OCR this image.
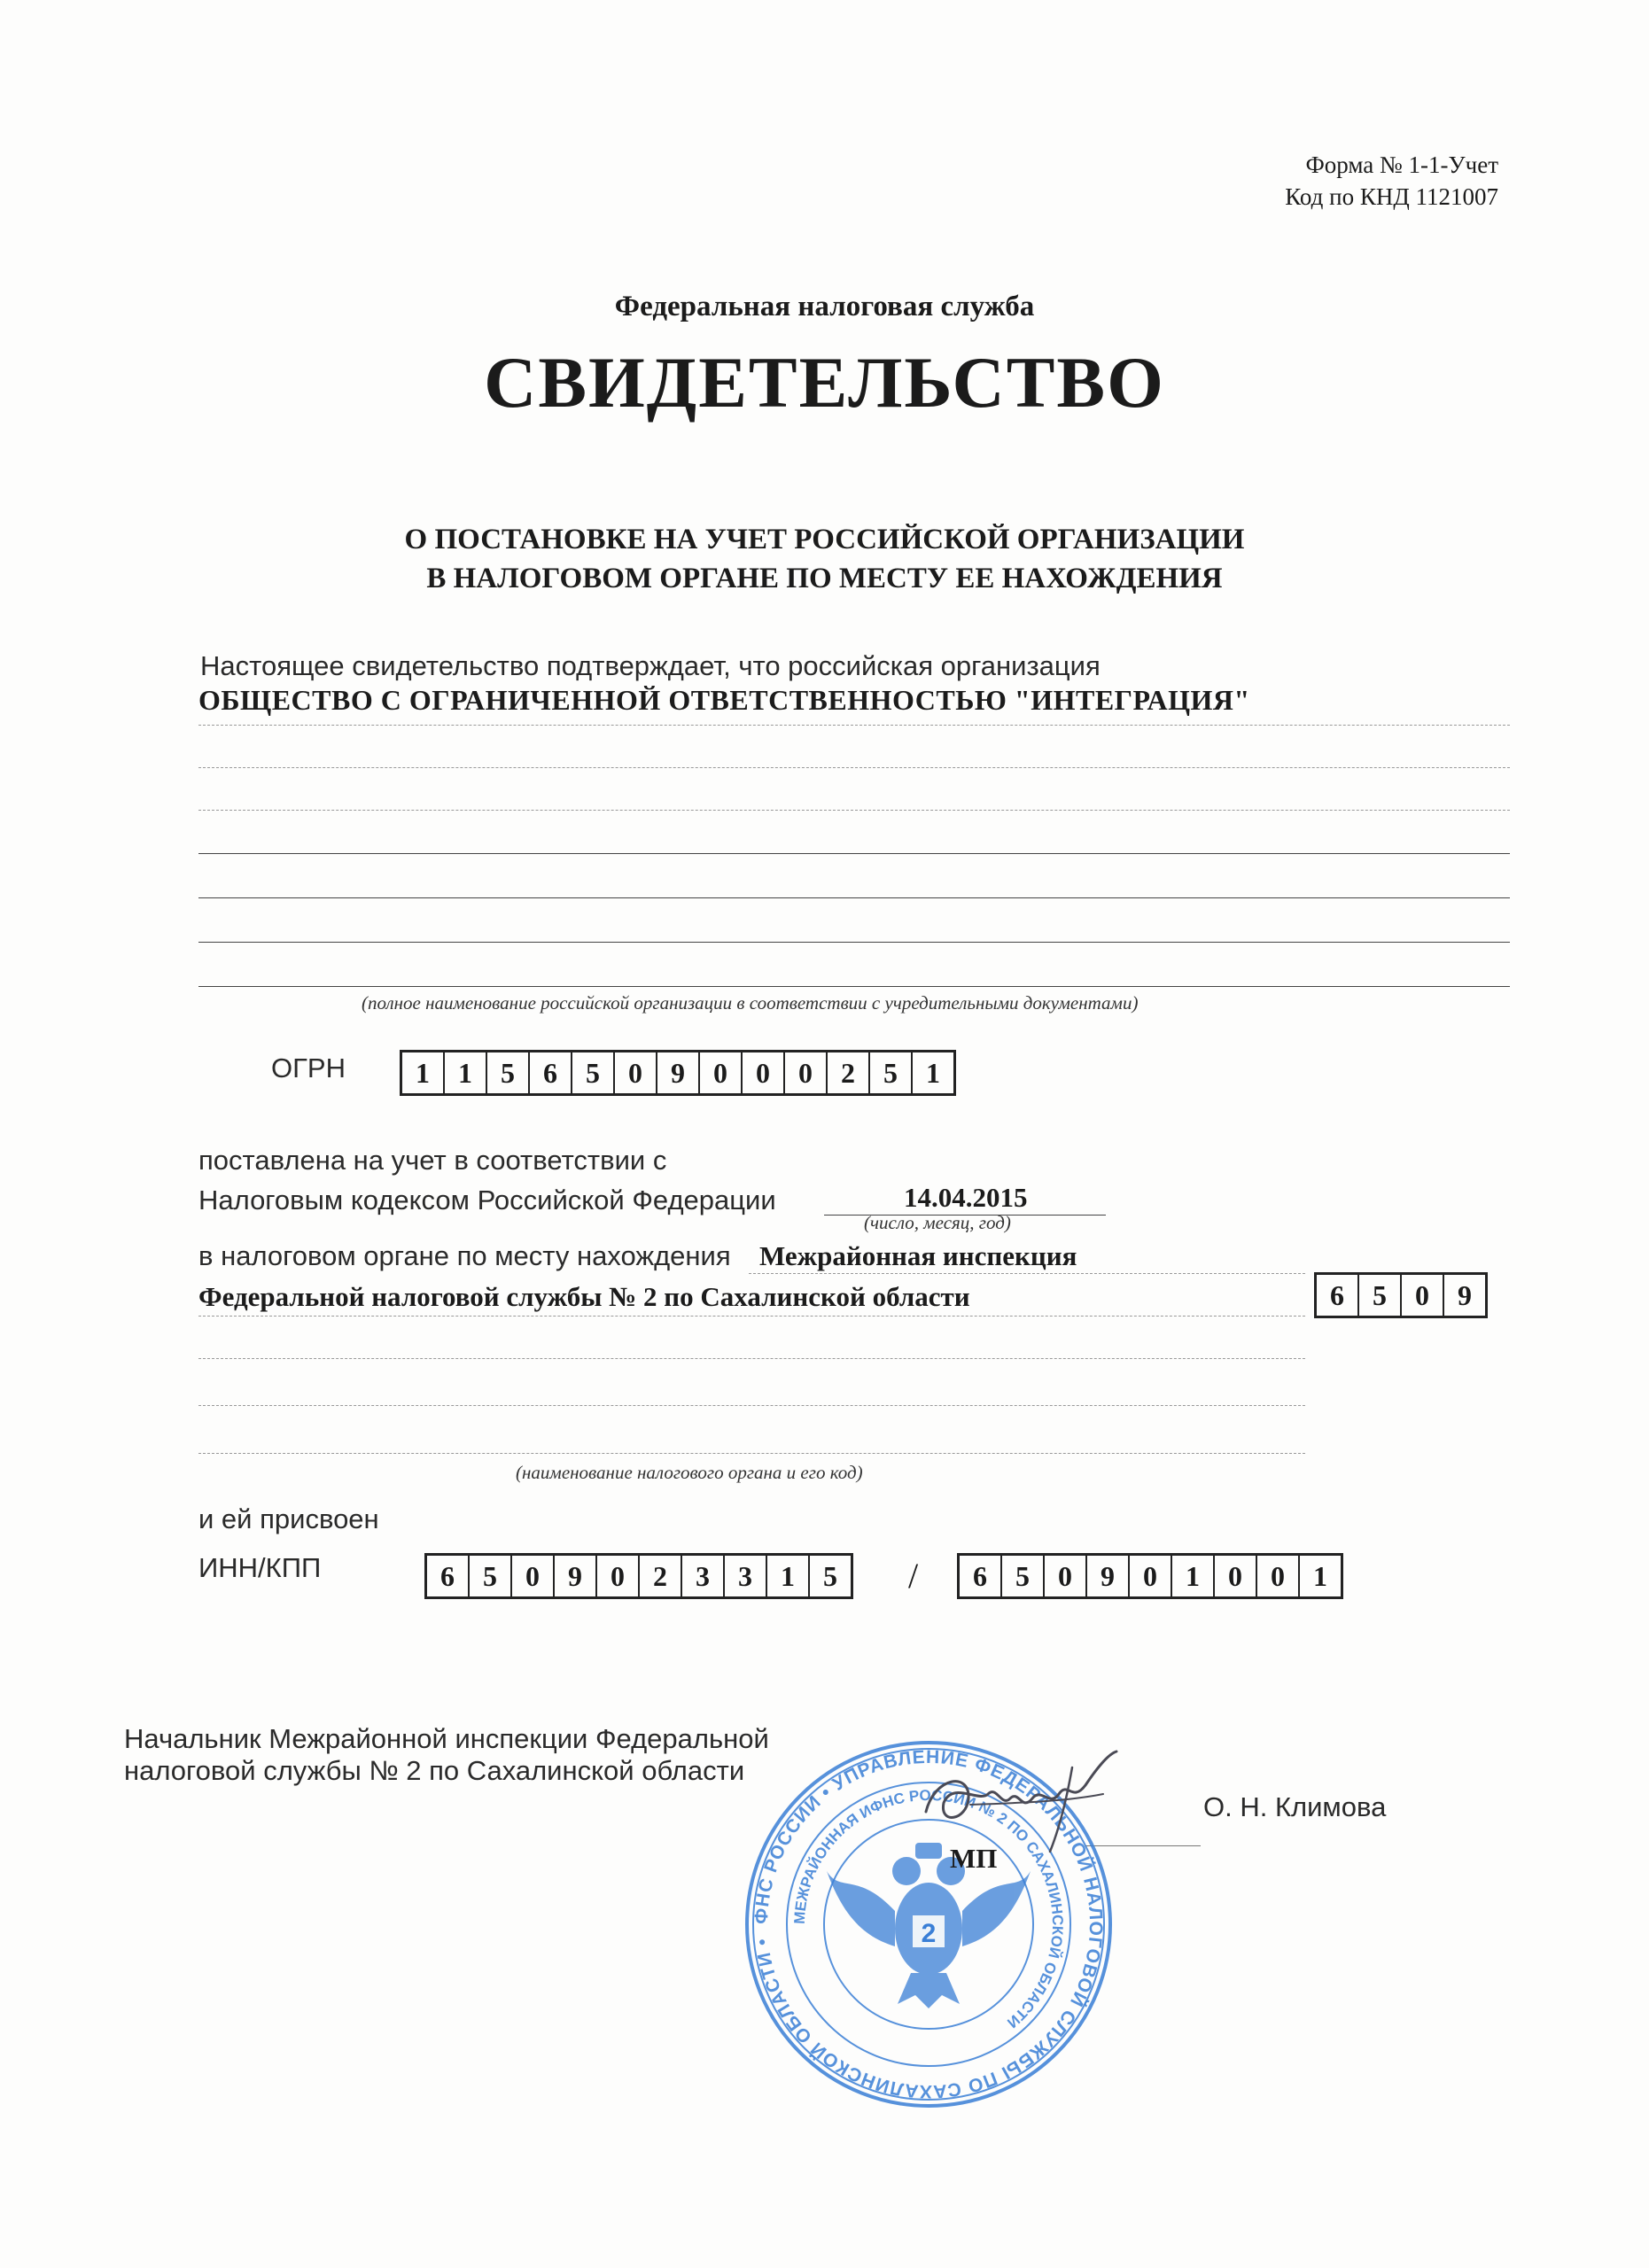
Форма № 1-1-Учет
Код по КНД 1121007
Федеральная налоговая служба
СВИДЕТЕЛЬСТВО
О ПОСТАНОВКЕ НА УЧЕТ РОССИЙСКОЙ ОРГАНИЗАЦИИ
В НАЛОГОВОМ ОРГАНЕ ПО МЕСТУ ЕЕ НАХОЖДЕНИЯ
Настоящее свидетельство подтверждает, что российская организация
ОБЩЕСТВО С ОГРАНИЧЕННОЙ ОТВЕТСТВЕННОСТЬЮ "ИНТЕГРАЦИЯ"
(полное наименование российской организации в соответствии с учредительными документами)
ОГРН	1	1	5	6	5	0	9	0	0	0	2	5	1
поставлена на учет в соответствии с
Налоговым кодексом Российской Федерации	14.04.2015
(число, месяц, год)
в налоговом органе по месту нахождения Межрайонная инспекция
Федеральной налоговой службы № 2 по Сахалинской области	6	5	0	9
(наименование налогового органа и его код)
и ей присвоен
ИНН/КПП	6	5	0	9	0	2	3	3	1	5	/	6	5	0	9	0	1	0	0	1
Начальник Межрайонной инспекции Федеральной
налоговой службы № 2 по Сахалинской области
О. Н. Климова
ФНС РОССИИ • УПРАВЛЕНИЕ ФЕДЕРАЛЬНОЙ НАЛОГОВОЙ СЛУЖБЫ ПО САХАЛИНСКОЙ ОБЛАСТИ •
МЕЖРАЙОННАЯ ИФНС РОССИИ № 2 ПО САХАЛИНСКОЙ ОБЛАСТИ
2
МП
